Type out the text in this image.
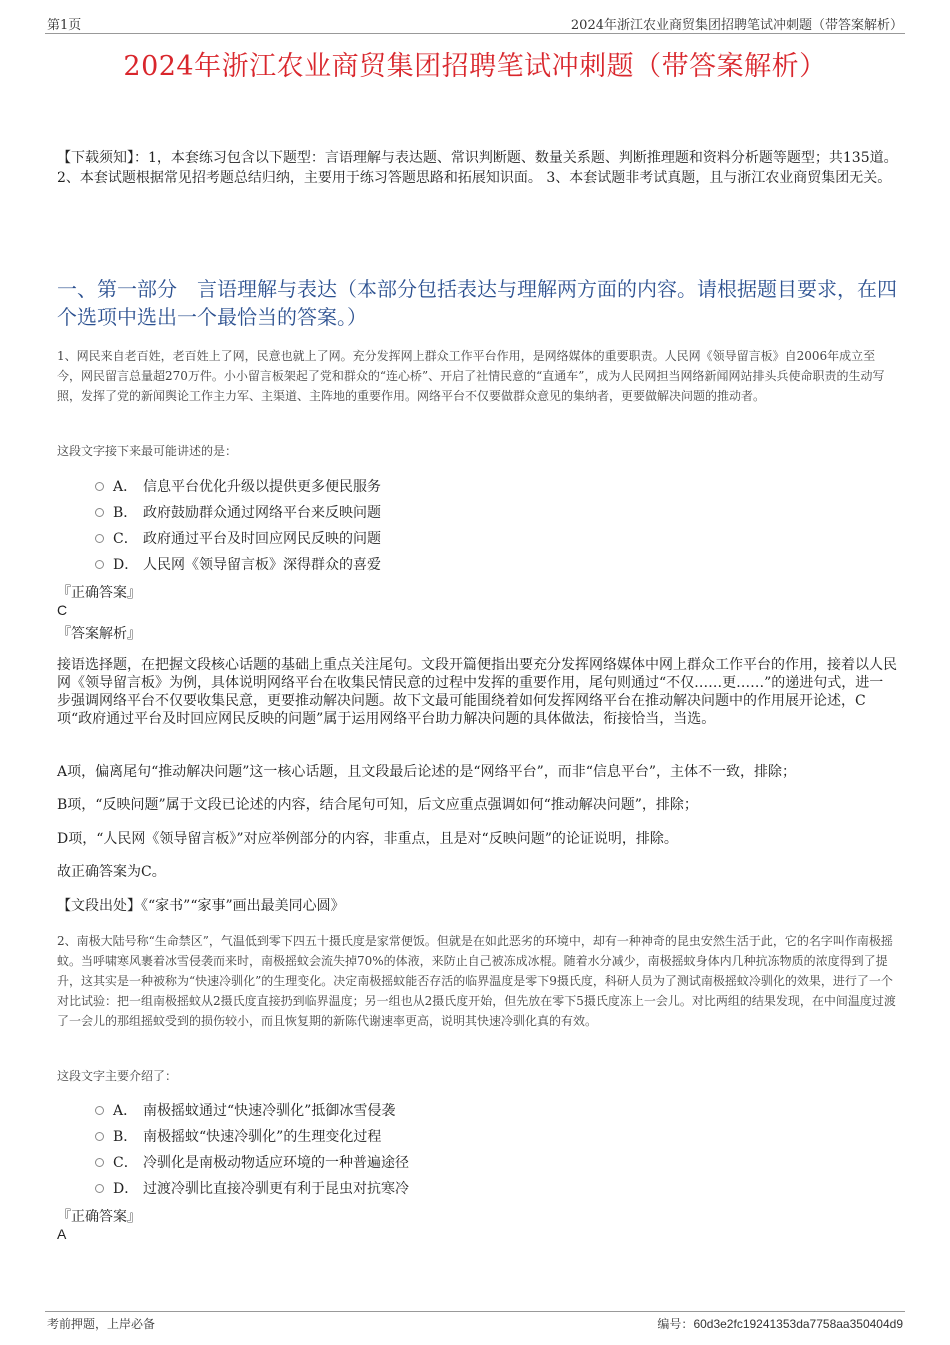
第1页	2024年浙江农业商贸集团招聘笔试冲刺题（带答案解析）
2024年浙江农业商贸集团招聘笔试冲刺题（带答案解析）
【下载须知】：1，本套练习包含以下题型：言语理解与表达题、常识判断题、数量关系题、判断推理题和资料分析题等题型；共135道。 2、本套试题根据常见招考题总结归纳，主要用于练习答题思路和拓展知识面。 3、本套试题非考试真题，且与浙江农业商贸集团无关。
一、第一部分　言语理解与表达（本部分包括表达与理解两方面的内容。请根据题目要求，在四个选项中选出一个最恰当的答案。）
1、网民来自老百姓，老百姓上了网，民意也就上了网。充分发挥网上群众工作平台作用，是网络媒体的重要职责。人民网《领导留言板》自2006年成立至今，网民留言总量超270万件。小小留言板架起了党和群众的“连心桥”、开启了社情民意的“直通车”，成为人民网担当网络新闻网站排头兵使命职责的生动写照，发挥了党的新闻舆论工作主力军、主渠道、主阵地的重要作用。网络平台不仅要做群众意见的集纳者，更要做解决问题的推动者。
这段文字接下来最可能讲述的是：
A． 信息平台优化升级以提供更多便民服务
B． 政府鼓励群众通过网络平台来反映问题
C． 政府通过平台及时回应网民反映的问题
D． 人民网《领导留言板》深得群众的喜爱
『正确答案』
C
『答案解析』
接语选择题，在把握文段核心话题的基础上重点关注尾句。文段开篇便指出要充分发挥网络媒体中网上群众工作平台的作用，接着以人民网《领导留言板》为例，具体说明网络平台在收集民情民意的过程中发挥的重要作用，尾句则通过“不仅……更……”的递进句式，进一步强调网络平台不仅要收集民意，更要推动解决问题。故下文最可能围绕着如何发挥网络平台在推动解决问题中的作用展开论述，C项“政府通过平台及时回应网民反映的问题”属于运用网络平台助力解决问题的具体做法，衔接恰当，当选。
A项，偏离尾句“推动解决问题”这一核心话题，且文段最后论述的是“网络平台”，而非“信息平台”，主体不一致，排除；
B项，“反映问题”属于文段已论述的内容，结合尾句可知，后文应重点强调如何“推动解决问题”，排除；
D项，“人民网《领导留言板》”对应举例部分的内容，非重点，且是对“反映问题”的论证说明，排除。
故正确答案为C。
【文段出处】《“家书”“家事”画出最美同心圆》
2、南极大陆号称“生命禁区”，气温低到零下四五十摄氏度是家常便饭。但就是在如此恶劣的环境中，却有一种神奇的昆虫安然生活于此，它的名字叫作南极摇蚊。当呼啸寒风裹着冰雪侵袭而来时，南极摇蚊会流失掉70%的体液，来防止自己被冻成冰棍。随着水分减少，南极摇蚊身体内几种抗冻物质的浓度得到了提升，这其实是一种被称为“快速冷驯化”的生理变化。决定南极摇蚊能否存活的临界温度是零下9摄氏度，科研人员为了测试南极摇蚊冷驯化的效果，进行了一个对比试验：把一组南极摇蚊从2摄氏度直接扔到临界温度；另一组也从2摄氏度开始，但先放在零下5摄氏度冻上一会儿。对比两组的结果发现，在中间温度过渡了一会儿的那组摇蚊受到的损伤较小，而且恢复期的新陈代谢速率更高，说明其快速冷驯化真的有效。
这段文字主要介绍了：
A． 南极摇蚊通过“快速冷驯化”抵御冰雪侵袭
B． 南极摇蚊“快速冷驯化”的生理变化过程
C． 冷驯化是南极动物适应环境的一种普遍途径
D． 过渡冷驯比直接冷驯更有利于昆虫对抗寒冷
『正确答案』
A
考前押题，上岸必备	编号：60d3e2fc19241353da7758aa350404d9
